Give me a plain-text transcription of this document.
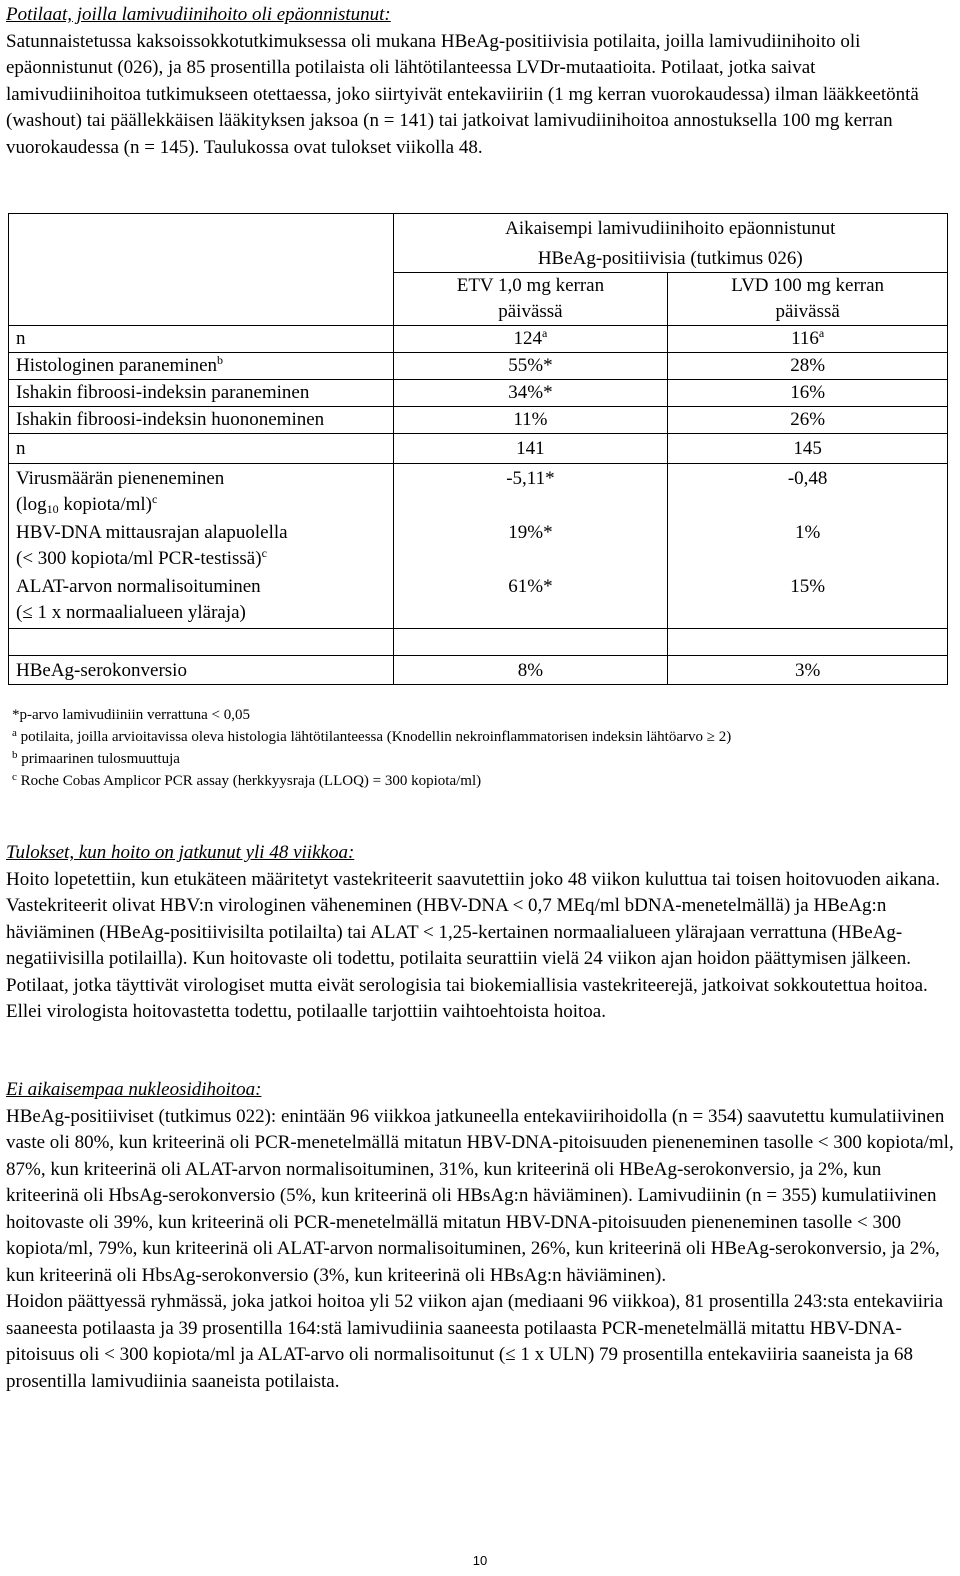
Potilaat, joilla lamivudiinihoito oli epäonnistunut:

Satunnaistetussa kaksoissokkotutkimuksessa oli mukana HBeAg-positiivisia potilaita, joilla lamivudiinihoito oli epäonnistunut (026), ja 85 prosentilla potilaista oli lähtötilanteessa LVDr-mutaatioita. Potilaat, jotka saivat lamivudiinihoitoa tutkimukseen otettaessa, joko siirtyivät entekaviiriin (1 mg kerran vuorokaudessa) ilman lääkkeetöntä (washout) tai päällekkäisen lääkityksen jaksoa (n = 141) tai jatkoivat lamivudiinihoitoa annostuksella 100 mg kerran vuorokaudessa (n = 145). Taulukossa ovat tulokset viikolla 48.

	Aikaisempi lamivudiinihoito epäonnistunut
HBeAg-positiivisia (tutkimus 026)	

	ETV 1,0 mg kerran päivässä	LVD 100 mg kerran päivässä
n	124$^a$	116$^a$
Histologinen paraneminen$^b$	55%*	28%
Ishakin fibroosi-indeksin paraneminen	34%*	16%
Ishakin fibroosi-indeksin huononeminen	11%	26%
n	141	145

Virusmäärän pieneneminen
($\log_{10}$ kopiota/ml)$^c$	-5,11*	-0,48

HBV-DNA mittausrajan alapuolella
(< 300 kopiota/ml PCR-testissä)$^c$	19%*	1%

ALAT-arvon normalisoituminen
(≤ 1 x normaalialueen yläraja)	61%*	15%

HBeAg-serokonversio	8%	3%
*p-arvo lamivudiiniin verrattuna < 0,05
$^a$ potilaita, joilla arvioitavissa oleva histologia lähtötilanteessa (Knodellin nekroinflammatorisen indeksin lähtöarvo ≥ 2)
$^b$ primaarinen tulosmuuttuja
$^c$ Roche Cobas Amplicor PCR assay (herkkyysraja (LLOQ) = 300 kopiota/ml)
Tulokset, kun hoito on jatkunut yli 48 viikkoa:

Hoito lopetettiin, kun etukäteen määritetyt vastekriteerit saavutettiin joko 48 viikon kuluttua tai toisen hoitovuoden aikana. Vastekriteerit olivat HBV:n virologinen väheneminen (HBV-DNA < 0,7 MEq/ml bDNA-menetelmällä) ja HBeAg:n häviäminen (HBeAg-positiivisilta potilailta) tai ALAT < 1,25-kertainen normaalialueen ylärajaan verrattuna (HBeAg-negatiivisilla potilailla). Kun hoitovaste oli todettu, potilaita seurattiin vielä 24 viikon ajan hoidon päättymisen jälkeen. Potilaat, jotka täyttivät virologiset mutta eivät serologisia tai biokemiallisia vastekriteerejä, jatkoivat sokkoutettua hoitoa. Ellei virologista hoitovastetta todettu, potilaalle tarjottiin vaihtoehtoista hoitoa.

Ei aikaisempaa nukleosidihoitoa:

HBeAg-positiiviset (tutkimus 022): enintään 96 viikkoa jatkuneella entekaviirihoidolla (n = 354) saavutettu kumulatiivinen vaste oli 80%, kun kriteerinä oli PCR-menetelmällä mitatun HBV-DNA-pitoisuuden pieneneminen tasolle < 300 kopiota/ml, 87%, kun kriteerinä oli ALAT-arvon normalisoituminen, 31%, kun kriteerinä oli HBeAg-serokonversio, ja 2%, kun kriteerinä oli HbsAg-serokonversio (5%, kun kriteerinä oli HBsAg:n häviäminen). Lamivudiinin (n = 355) kumulatiivinen hoitovaste oli 39%, kun kriteerinä oli PCR-menetelmällä mitatun HBV-DNA-pitoisuuden pieneneminen tasolle < 300 kopiota/ml, 79%, kun kriteerinä oli ALAT-arvon normalisoituminen, 26%, kun kriteerinä oli HBeAg-serokonversio, ja 2%, kun kriteerinä oli HbsAg-serokonversio (3%, kun kriteerinä oli HBsAg:n häviäminen).

Hoidon päättyessä ryhmässä, joka jatkoi hoitoa yli 52 viikon ajan (mediaani 96 viikkoa), 81 prosentilla 243:sta entekaviiria saaneesta potilaasta ja 39 prosentilla 164:stä lamivudiinia saaneesta potilaasta PCR-menetelmällä mitattu HBV-DNA-pitoisuus oli < 300 kopiota/ml ja ALAT-arvo oli normalisoitunut (≤ 1 x ULN) 79 prosentilla entekaviiria saaneista ja 68 prosentilla lamivudiinia saaneista potilaista.

10
